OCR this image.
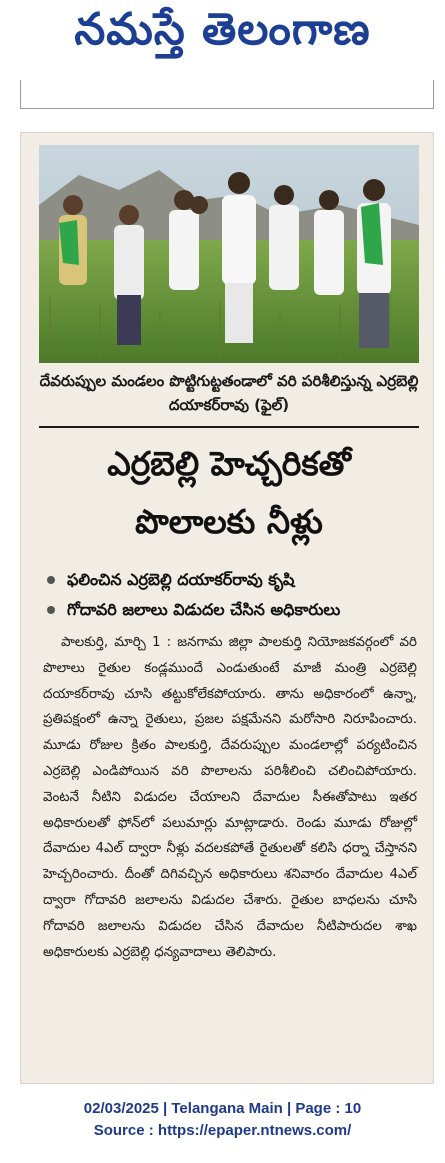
నమస్తే తెలంగాణ
దేవరుప్పుల మండలం పొట్టిగుట్టతండాలో వరి పరిశీలిస్తున్న ఎర్రబెల్లి దయాకర్‌రావు (ఫైల్)
ఎర్రబెల్లి హెచ్చరికతో
పొలాలకు నీళ్లు
ఫలించిన ఎర్రబెల్లి దయాకర్‌రావు కృషి
గోదావరి జలాలు విడుదల చేసిన అధికారులు

పాలకుర్తి, మార్చి 1 : జనగామ జిల్లా పాలకుర్తి నియోజకవర్గంలో వరి పొలాలు రైతుల కండ్లముందే ఎండుతుంటే మాజీ మంత్రి ఎర్రబెల్లి దయాకర్‌రావు చూసి తట్టుకోలేకపోయారు. తాను అధికారంలో ఉన్నా, ప్రతిపక్షంలో ఉన్నా రైతులు, ప్రజల పక్షమేనని మరోసారి నిరూపించారు. మూడు రోజుల క్రితం పాలకుర్తి, దేవరుప్పుల మండలాల్లో పర్యటించిన ఎర్రబెల్లి ఎండిపోయిన వరి పొలాలను పరిశీలించి చలించిపోయారు. వెంటనే నీటిని విడుదల చేయాలని దేవాదుల సీఈతోపాటు ఇతర అధికారులతో ఫోన్‌లో పలుమార్లు మాట్లాడారు. రెండు మూడు రోజుల్లో దేవాదుల 4ఎల్ ద్వారా నీళ్లు వదలకపోతే రైతులతో కలిసి ధర్నా చేస్తానని హెచ్చరించారు. దీంతో దిగివచ్చిన అధికారులు శనివారం దేవాదుల 4ఎల్ ద్వారా గోదావరి జలాలను విడుదల చేశారు. రైతుల బాధలను చూసి గోదావరి జలాలను విడుదల చేసిన దేవాదుల నీటిపారుదల శాఖ అధికారులకు ఎర్రబెల్లి ధన్యవాదాలు తెలిపారు.

02/03/2025 | Telangana Main | Page : 10
Source : https://epaper.ntnews.com/
